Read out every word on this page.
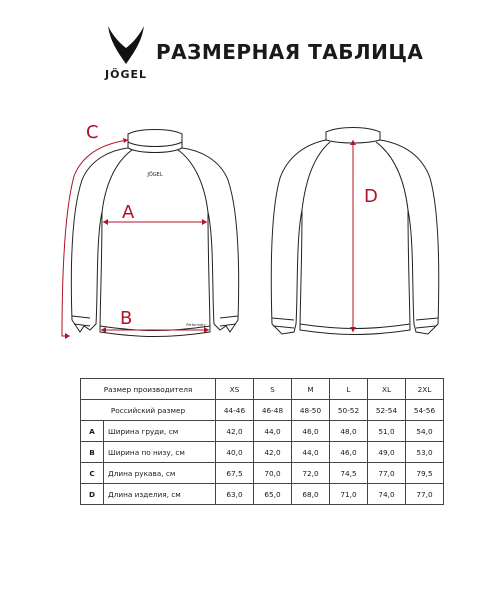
JÖGEL
РАЗМЕРНАЯ ТАБЛИЦА
JÖGEL
Performdry
A
B
C
D
Размер производителя		XS	S	M	L	XL	2XL
Российский размер		44-46	46-48	48-50	50-52	52-54	54-56
A	Ширина груди, см	42,0	44,0	46,0	48,0	51,0	54,0
B	Ширина по низу, см	40,0	42,0	44,0	46,0	49,0	53,0
C	Длина рукава, см	67,5	70,0	72,0	74,5	77,0	79,5
D	Длина изделия, см	63,0	65,0	68,0	71,0	74,0	77,0
